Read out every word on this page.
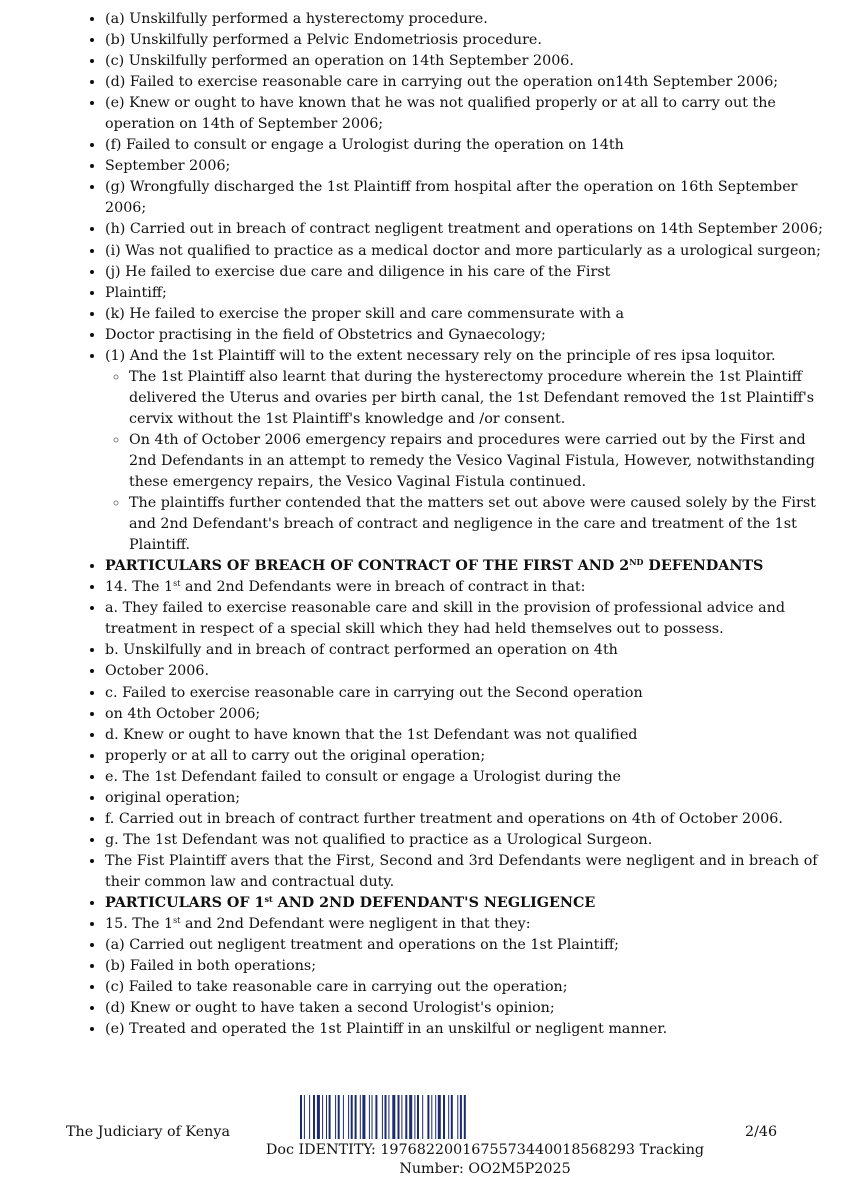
• (a) Unskilfully performed a hysterectomy procedure.
• (b) Unskilfully performed a Pelvic Endometriosis procedure.
• (c) Unskilfully performed an operation on 14th September 2006.
• (d) Failed to exercise reasonable care in carrying out the operation on14th September 2006;
• (e) Knew or ought to have known that he was not qualified properly or at all to carry out the operation on 14th of September 2006;
• (f) Failed to consult or engage a Urologist during the operation on 14th
• September 2006;
• (g) Wrongfully discharged the 1st Plaintiff from hospital after the operation on 16th September 2006;
• (h) Carried out in breach of contract negligent treatment and operations on 14th September 2006;
• (i) Was not qualified to practice as a medical doctor and more particularly as a urological surgeon;
• (j) He failed to exercise due care and diligence in his care of the First
• Plaintiff;
• (k) He failed to exercise the proper skill and care commensurate with a
• Doctor practising in the field of Obstetrics and Gynaecology;
• (1) And the 1st Plaintiff will to the extent necessary rely on the principle of res ipsa loquitor.
◦ The 1st Plaintiff also learnt that during the hysterectomy procedure wherein the 1st Plaintiff delivered the Uterus and ovaries per birth canal, the 1st Defendant removed the 1st Plaintiff's cervix without the 1st Plaintiff's knowledge and /or consent.
◦ On 4th of October 2006 emergency repairs and procedures were carried out by the First and 2nd Defendants in an attempt to remedy the Vesico Vaginal Fistula, However, notwithstanding these emergency repairs, the Vesico Vaginal Fistula continued.
◦ The plaintiffs further contended that the matters set out above were caused solely by the First and 2nd Defendant's breach of contract and negligence in the care and treatment of the 1st Plaintiff.
• PARTICULARS OF BREACH OF CONTRACT OF THE FIRST AND 2ND DEFENDANTS
• 14. The 1st and 2nd Defendants were in breach of contract in that:
• a. They failed to exercise reasonable care and skill in the provision of professional advice and treatment in respect of a special skill which they had held themselves out to possess.
• b. Unskilfully and in breach of contract performed an operation on 4th
• October 2006.
• c. Failed to exercise reasonable care in carrying out the Second operation
• on 4th October 2006;
• d. Knew or ought to have known that the 1st Defendant was not qualified
• properly or at all to carry out the original operation;
• e. The 1st Defendant failed to consult or engage a Urologist during the
• original operation;
• f. Carried out in breach of contract further treatment and operations on 4th of October 2006.
• g. The 1st Defendant was not qualified to practice as a Urological Surgeon.
• The Fist Plaintiff avers that the First, Second and 3rd Defendants were negligent and in breach of their common law and contractual duty.
• PARTICULARS OF 1st AND 2ND DEFENDANT'S NEGLIGENCE
• 15. The 1st and 2nd Defendant were negligent in that they:
• (a) Carried out negligent treatment and operations on the 1st Plaintiff;
• (b) Failed in both operations;
• (c) Failed to take reasonable care in carrying out the operation;
• (d) Knew or ought to have taken a second Urologist's opinion;
• (e) Treated and operated the 1st Plaintiff in an unskilful or negligent manner.
The Judiciary of Kenya	2/46
Doc IDENTITY: 1976822001675573440018568293 Tracking Number: OO2M5P2025
